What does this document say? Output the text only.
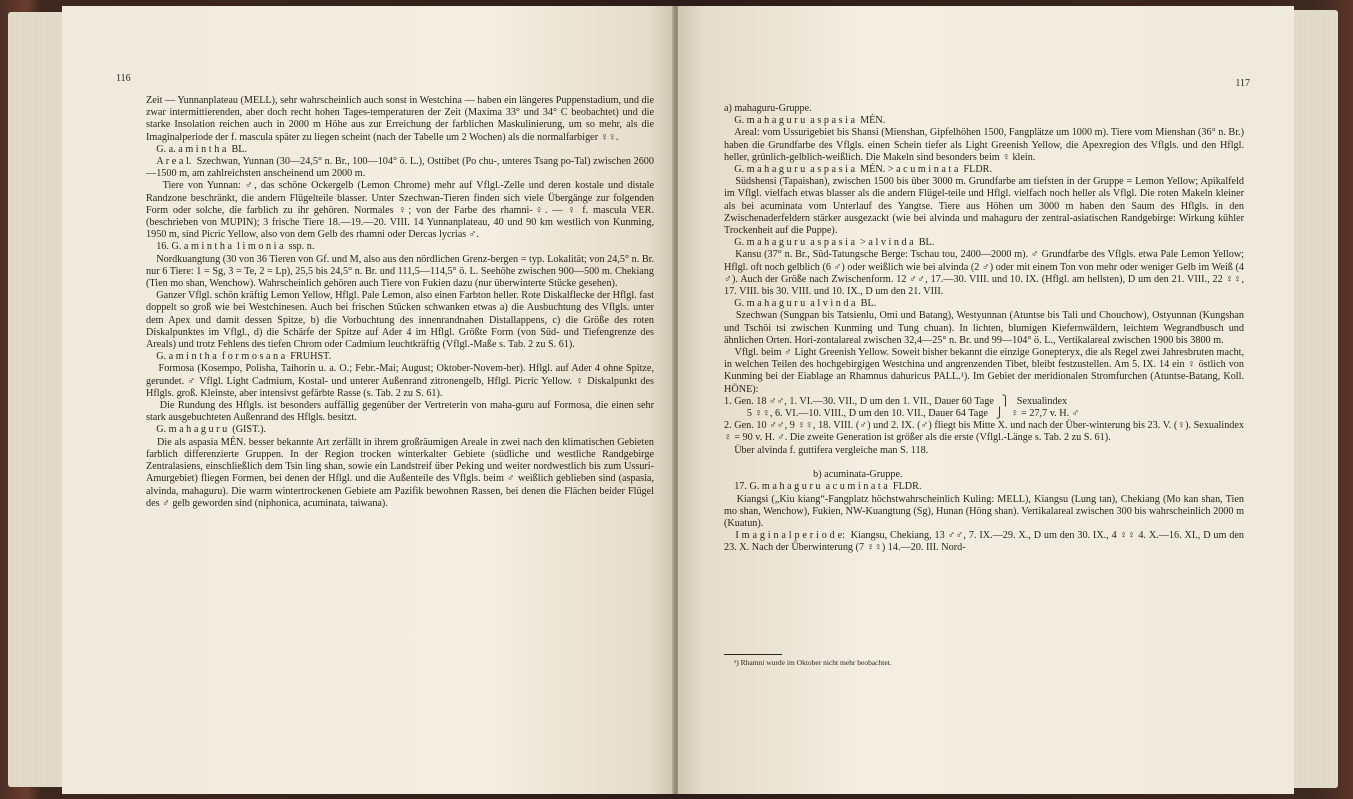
116
Zeit — Yunnanplateau (MELL), sehr wahrscheinlich auch sonst in Westchina — haben ein längeres Puppenstadium, und die zwar intermittierenden, aber doch recht hohen Tages-temperaturen der Zeit (Maxima 33° und 34° C beobachtet) und die starke Insolation reichen auch in 2000 m Höhe aus zur Erreichung der farblichen Maskulinierung, um so mehr, als die Imaginalperiode der f. mascula später zu liegen scheint (nach der Tabelle um 2 Wochen) als die normalfarbiger ♀♀.
G. a. a m i n t h a  BL.
A r e a l.  Szechwan, Yunnan (30—24,5° n. Br., 100—104° ö. L.), Osttibet (Po chu-, unteres Tsang po-Tal) zwischen 2600—1500 m, am zahlreichsten anscheinend um 2000 m.
Tiere von Yunnan: ♂, das schöne Ockergelb (Lemon Chrome) mehr auf Vflgl.-Zelle und deren kostale und distale Randzone beschränkt, die andern Flügelteile blasser. Unter Szechwan-Tieren finden sich viele Übergänge zur folgenden Form oder solche, die farblich zu ihr gehören. Normales ♀; von der Farbe des rhamni-♀. — ♀ f. mascula VER. (beschrieben von MUPIN); 3 frische Tiere 18.—19.—20. VIII. 14 Yunnanplateau, 40 und 90 km westlich von Kunming, 1950 m, sind Picric Yellow, also von dem Gelb des rhamni oder Dercas lycrias ♂.
16. G. a m i n t h a  l i m o n i a  ssp. n.
Nordkuangtung (30 von 36 Tieren von Gf. und M, also aus den nördlichen Grenz-bergen = typ. Lokalität; von 24,5° n. Br. nur 6 Tiere: 1 = Sg, 3 = Te, 2 = Lp), 25,5 bis 24,5° n. Br. und 111,5—114,5° ö. L. Seehöhe zwischen 900—500 m. Chekiang (Tien mo shan, Wenchow). Wahrscheinlich gehören auch Tiere von Fukien dazu (nur überwinterte Stücke gesehen).
Ganzer Vflgl. schön kräftig Lemon Yellow, Hflgl. Pale Lemon, also einen Farbton heller. Rote Diskalflecke der Hflgl. fast doppelt so groß wie bei Westchinesen. Auch bei frischen Stücken schwanken etwas a) die Ausbuchtung des Vflgls. unter dem Apex und damit dessen Spitze, b) die Vorbuchtung des innenrandnahen Distallappens, c) die Größe des roten Diskalpunktes im Vflgl., d) die Schärfe der Spitze auf Ader 4 im Hflgl. Größte Form (von Süd- und Tiefengrenze des Areals) und trotz Fehlens des tiefen Chrom oder Cadmium leuchtkräftig (Vflgl.-Maße s. Tab. 2 zu S. 61).
G. a m i n t h a  f o r m o s a n a  FRUHST.
Formosa (Kosempo, Polisha, Taihorin u. a. O.; Febr.-Mai; August; Oktober-Novem-ber). Hflgl. auf Ader 4 ohne Spitze, gerundet. ♂ Vflgl. Light Cadmium, Kostal- und unterer Außenrand zitronengelb, Hflgl. Picric Yellow. ♀ Diskalpunkt des Hflgls. groß. Kleinste, aber intensivst gefärbte Rasse (s. Tab. 2 zu S. 61).
Die Rundung des Hflgls. ist besonders auffällig gegenüber der Vertreterin von maha-guru auf Formosa, die einen sehr stark ausgebuchteten Außenrand des Hflgls. besitzt.
G. m a h a g u r u  (GIST.).
Die als aspasia MÉN. besser bekannte Art zerfällt in ihrem großräumigen Areale in zwei nach den klimatischen Gebieten farblich differenzierte Gruppen. In der Region trocken winterkalter Gebiete (südliche und westliche Randgebirge Zentralasiens, einschließlich dem Tsin ling shan, sowie ein Landstreif über Peking und weiter nordwestlich bis zum Ussuri-Amurgebiet) fliegen Formen, bei denen der Hflgl. und die Außenteile des Vflgls. beim ♂ weißlich geblieben sind (aspasia, alvinda, mahaguru). Die warm wintertrockenen Gebiete am Pazifik bewohnen Rassen, bei denen die Flächen beider Flügel des ♂ gelb geworden sind (niphonica, acuminata, taiwana).
117
a) mahaguru-Gruppe.
G. m a h a g u r u  a s p a s i a  MÉN.
Areal: vom Ussurigebiet bis Shansi (Mienshan, Gipfelhöhen 1500, Fangplätze um 1000 m). Tiere vom Mienshan (36° n. Br.) haben die Grundfarbe des Vflgls. einen Schein tiefer als Light Greenish Yellow, die Apexregion des Vflgls. und den Hflgl. heller, grünlich-gelblich-weißlich. Die Makeln sind besonders beim ♀ klein.
G. m a h a g u r u  a s p a s i a  MÉN. > a c u m i n a t a  FLDR.
Südshensi (Tapaishan), zwischen 1500 bis über 3000 m. Grundfarbe am tiefsten in der Gruppe = Lemon Yellow; Apikalfeld im Vflgl. vielfach etwas blasser als die andern Flügel-teile und Hflgl. vielfach noch heller als Vflgl. Die roten Makeln kleiner als bei acuminata vom Unterlauf des Yangtse. Tiere aus Höhen um 3000 m haben den Saum des Hflgls. in den Zwischenaderfeldern stärker ausgezackt (wie bei alvinda und mahaguru der zentral-asiatischen Randgebirge: Wirkung kühler Trockenheit auf die Puppe).
G. m a h a g u r u  a s p a s i a  > a l v i n d a  BL.
Kansu (37° n. Br., Süd-Tatungsche Berge: Tschau tou, 2400—2000 m). ♂ Grundfarbe des Vflgls. etwa Pale Lemon Yellow; Hflgl. oft noch gelblich (6 ♂) oder weißlich wie bei alvinda (2 ♂) oder mit einem Ton von mehr oder weniger Gelb im Weiß (4 ♂). Auch der Größe nach Zwischenform. 12 ♂♂, 17.—30. VIII. und 10. IX. (Hflgl. am hellsten), D um den 21. VIII., 22 ♀♀, 17. VIII. bis 30. VIII. und 10. IX., D um den 21. VIII.
G. m a h a g u r u  a l v i n d a  BL.
Szechwan (Sungpan bis Tatsienlu, Omi und Batang), Westyunnan (Atuntse bis Tali und Chouchow), Ostyunnan (Kungshan und Tschöi tsi zwischen Kunming und Tung chuan). In lichten, blumigen Kiefernwäldern, leichtem Wegrandbusch und ähnlichen Orten. Hori-zontalareal zwischen 32,4—25° n. Br. und 99—104° ö. L., Vertikalareal zwischen 1900 bis 3800 m.
Vflgl. beim ♂ Light Greenish Yellow. Soweit bisher bekannt die einzige Gonepteryx, die als Regel zwei Jahresbruten macht, in welchen Teilen des hochgebirgigen Westchina und angrenzenden Tibet, bleibt festzustellen. Am 5. IX. 14 ein ♀ östlich von Kunming bei der Eiablage an Rhamnus dahuricus PALL.¹). Im Gebiet der meridionalen Stromfurchen (Atuntse-Batang, Koll. HÖNE):
1. Gen. 18 ♂♂, 1. VI.—30. VII., D um den 1. VII., Dauer 60 Tage   ⎫   Sexualindex
5 ♀♀, 6. VI.—10. VIII., D um den 10. VII., Dauer 64 Tage   ⎭   ♀ = 27,7 v. H. ♂
2. Gen. 10 ♂♂, 9 ♀♀, 18. VIII. (♂) und 2. IX. (♂) fliegt bis Mitte X. und nach der Über-winterung bis 23. V. (♀). Sexualindex ♀ = 90 v. H. ♂. Die zweite Generation ist größer als die erste (Vflgl.-Länge s. Tab. 2 zu S. 61).
Über alvinda f. guttifera vergleiche man S. 118.

b) acuminata-Gruppe.
17. G. m a h a g u r u  a c u m i n a t a  FLDR.
Kiangsi („Kiu kiang“-Fangplatz höchstwahrscheinlich Kuling: MELL), Kiangsu (Lung tan), Chekiang (Mo kan shan, Tien mo shan, Wenchow), Fukien, NW-Kuangtung (Sg), Hunan (Höng shan). Vertikalareal zwischen 300 bis wahrscheinlich 2000 m (Kuatun).
I m a g i n a l p e r i o d e:  Kiangsu, Chekiang, 13 ♂♂, 7. IX.—29. X., D um den 30. IX., 4 ♀♀ 4. X.—16. XI., D um den 23. X. Nach der Überwinterung (7 ♀♀) 14.—20. III. Nord-
¹) Rhamni wurde im Oktober nicht mehr beobachtet.
